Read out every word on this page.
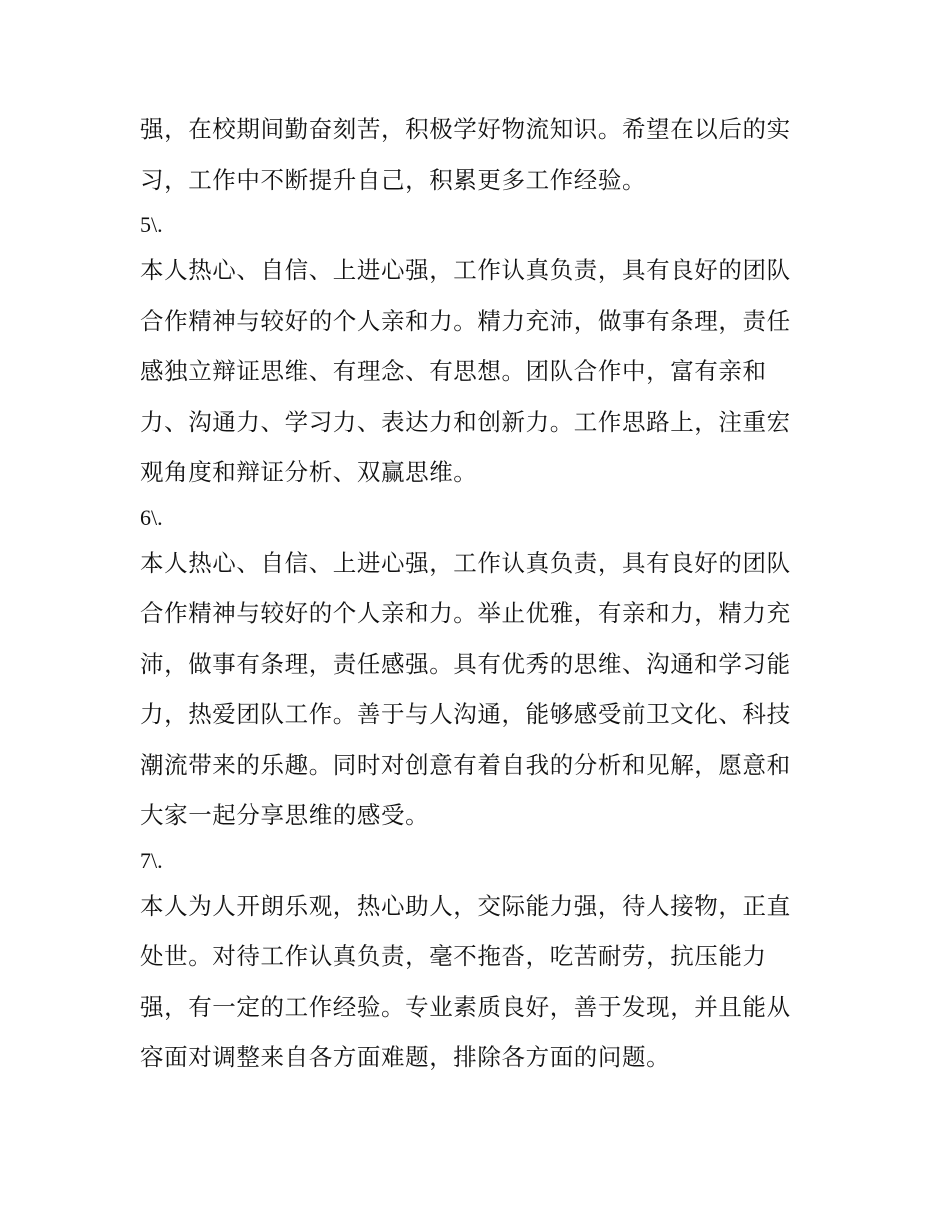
强，在校期间勤奋刻苦，积极学好物流知识。希望在以后的实
习，工作中不断提升自己，积累更多工作经验。
5\.
本人热心、自信、上进心强，工作认真负责，具有良好的团队
合作精神与较好的个人亲和力。精力充沛，做事有条理，责任
感独立辩证思维、有理念、有思想。团队合作中，富有亲和
力、沟通力、学习力、表达力和创新力。工作思路上，注重宏
观角度和辩证分析、双赢思维。
6\.
本人热心、自信、上进心强，工作认真负责，具有良好的团队
合作精神与较好的个人亲和力。举止优雅，有亲和力，精力充
沛，做事有条理，责任感强。具有优秀的思维、沟通和学习能
力，热爱团队工作。善于与人沟通，能够感受前卫文化、科技
潮流带来的乐趣。同时对创意有着自我的分析和见解，愿意和
大家一起分享思维的感受。
7\.
本人为人开朗乐观，热心助人，交际能力强，待人接物，正直
处世。对待工作认真负责，毫不拖沓，吃苦耐劳，抗压能力
强，有一定的工作经验。专业素质良好，善于发现，并且能从
容面对调整来自各方面难题，排除各方面的问题。
